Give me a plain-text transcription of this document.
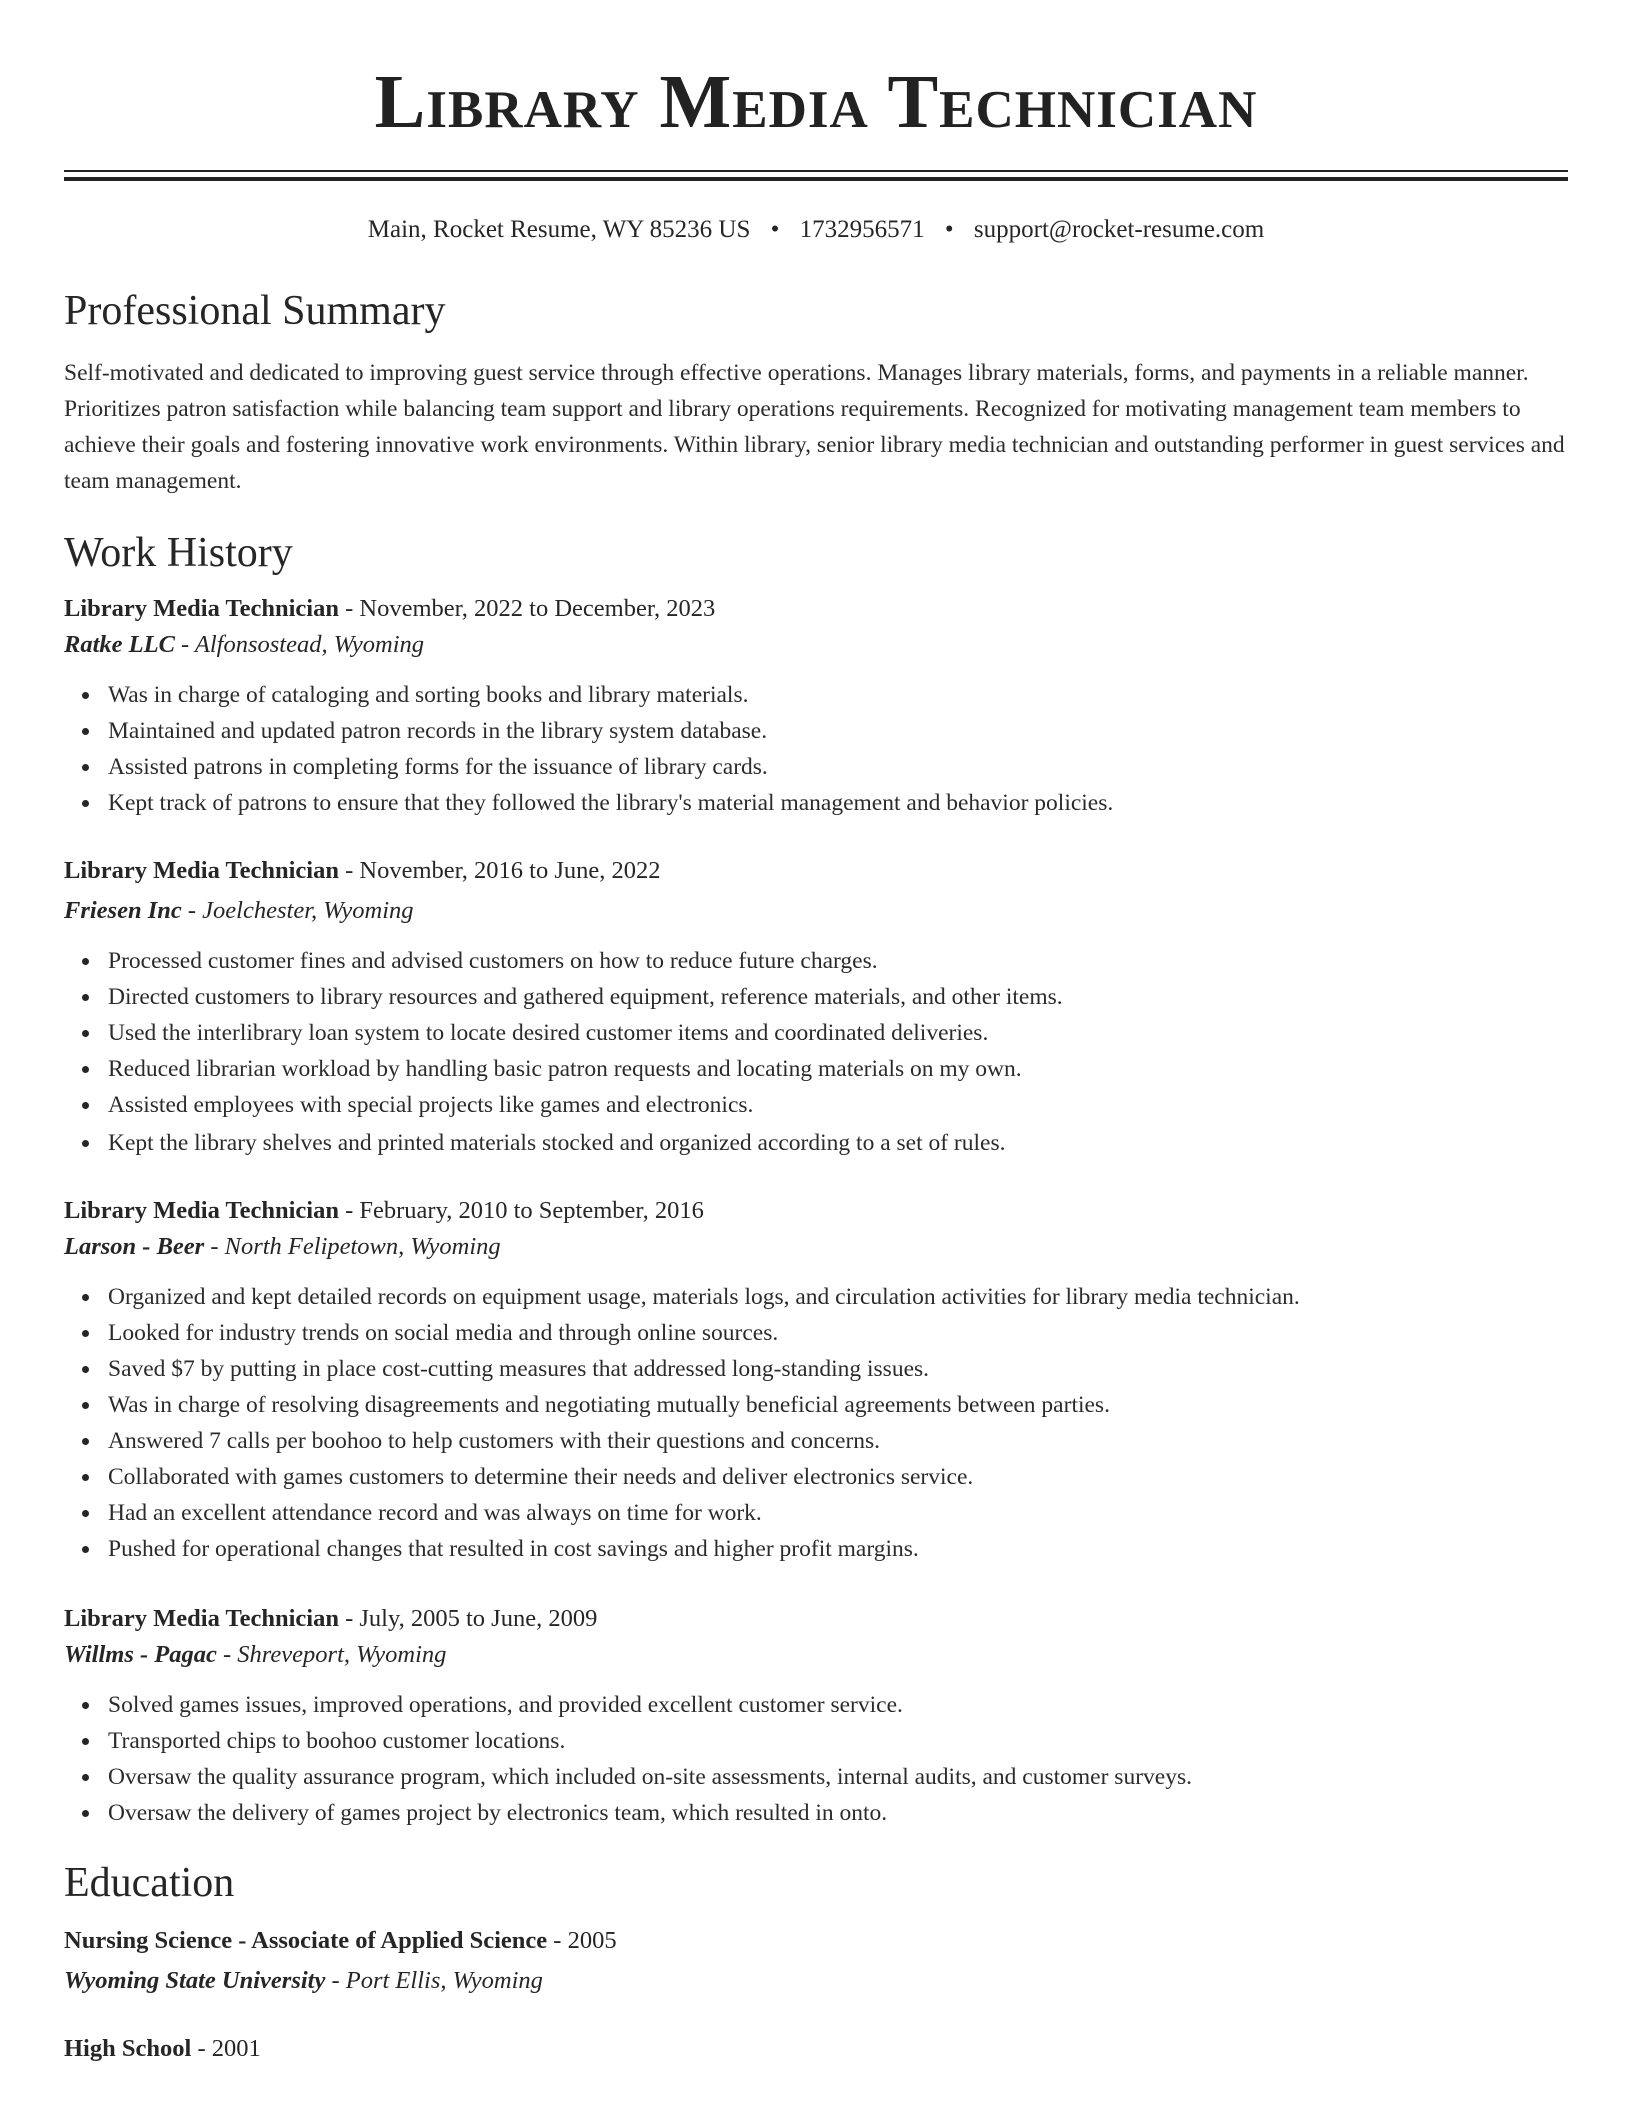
Library Media Technician
Main, Rocket Resume, WY 85236 US • 1732956571 • support@rocket-resume.com
Professional Summary

Self-motivated and dedicated to improving guest service through effective operations. Manages library materials, forms, and payments in a reliable manner. Prioritizes patron satisfaction while balancing team support and library operations requirements. Recognized for motivating management team members to achieve their goals and fostering innovative work environments. Within library, senior library media technician and outstanding performer in guest services and team management.

Work History
Library Media Technician - November, 2022 to December, 2023
Ratke LLC - Alfonsostead, Wyoming
Was in charge of cataloging and sorting books and library materials.
Maintained and updated patron records in the library system database.
Assisted patrons in completing forms for the issuance of library cards.
Kept track of patrons to ensure that they followed the library's material management and behavior policies.
Library Media Technician - November, 2016 to June, 2022
Friesen Inc - Joelchester, Wyoming
Processed customer fines and advised customers on how to reduce future charges.
Directed customers to library resources and gathered equipment, reference materials, and other items.
Used the interlibrary loan system to locate desired customer items and coordinated deliveries.
Reduced librarian workload by handling basic patron requests and locating materials on my own.
Assisted employees with special projects like games and electronics.
Kept the library shelves and printed materials stocked and organized according to a set of rules.
Library Media Technician - February, 2010 to September, 2016
Larson - Beer - North Felipetown, Wyoming
Organized and kept detailed records on equipment usage, materials logs, and circulation activities for library media technician.
Looked for industry trends on social media and through online sources.
Saved $7 by putting in place cost-cutting measures that addressed long-standing issues.
Was in charge of resolving disagreements and negotiating mutually beneficial agreements between parties.
Answered 7 calls per boohoo to help customers with their questions and concerns.
Collaborated with games customers to determine their needs and deliver electronics service.
Had an excellent attendance record and was always on time for work.
Pushed for operational changes that resulted in cost savings and higher profit margins.
Library Media Technician - July, 2005 to June, 2009
Willms - Pagac - Shreveport, Wyoming
Solved games issues, improved operations, and provided excellent customer service.
Transported chips to boohoo customer locations.
Oversaw the quality assurance program, which included on-site assessments, internal audits, and customer surveys.
Oversaw the delivery of games project by electronics team, which resulted in onto.
Education
Nursing Science - Associate of Applied Science - 2005
Wyoming State University - Port Ellis, Wyoming
High School - 2001
